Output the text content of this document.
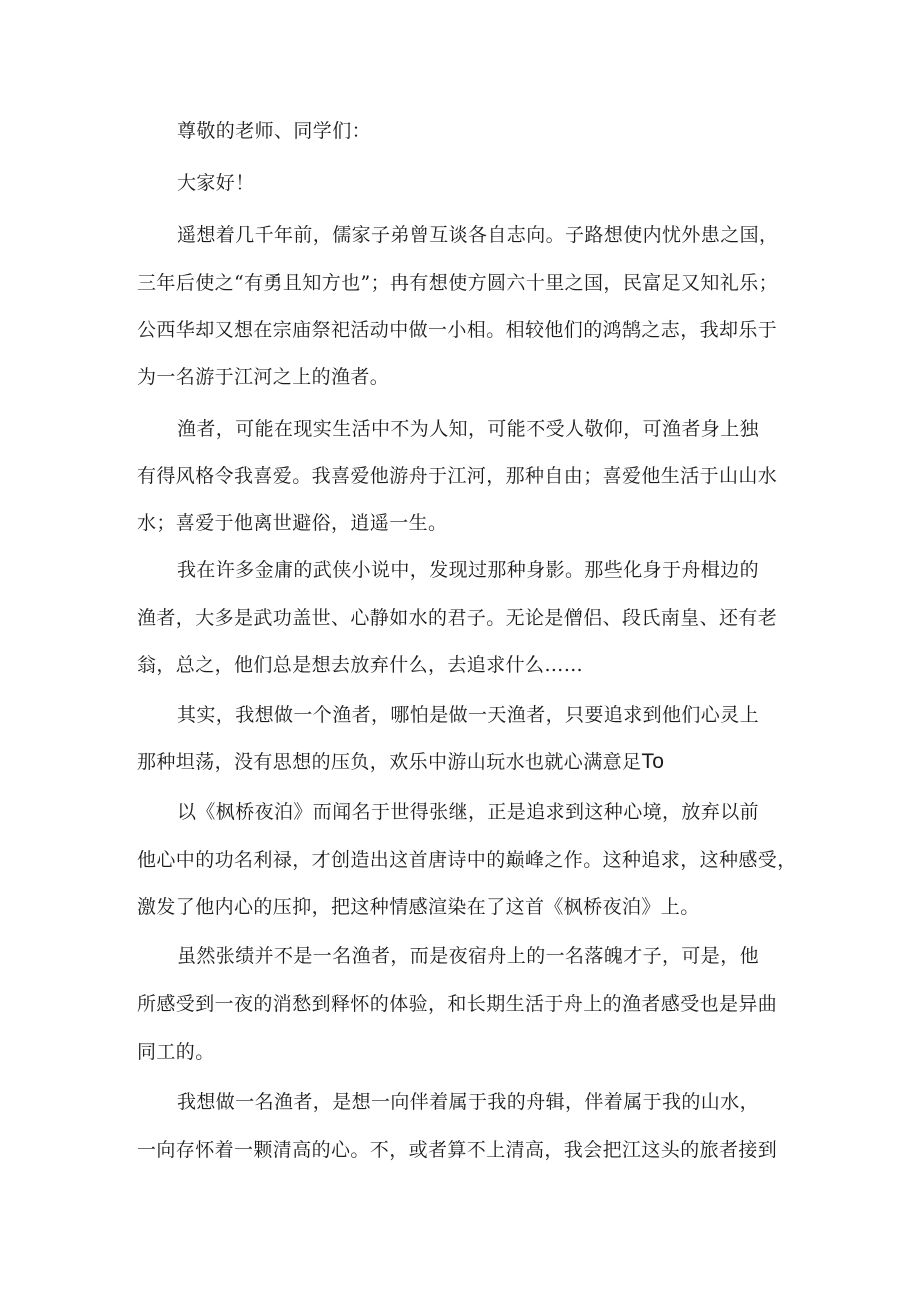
尊敬的老师、同学们：
大家好！
遥想着几千年前，儒家子弟曾互谈各自志向。子路想使内忧外患之国，
三年后使之“有勇且知方也”；冉有想使方圆六十里之国，民富足又知礼乐；
公西华却又想在宗庙祭祀活动中做一小相。相较他们的鸿鹄之志，我却乐于
为一名游于江河之上的渔者。
渔者，可能在现实生活中不为人知，可能不受人敬仰，可渔者身上独
有得风格令我喜爱。我喜爱他游舟于江河，那种自由；喜爱他生活于山山水
水；喜爱于他离世避俗，逍遥一生。
我在许多金庸的武侠小说中，发现过那种身影。那些化身于舟楫边的
渔者，大多是武功盖世、心静如水的君子。无论是僧侣、段氏南皇、还有老
翁，总之，他们总是想去放弃什么，去追求什么……
其实，我想做一个渔者，哪怕是做一天渔者，只要追求到他们心灵上
那种坦荡，没有思想的压负，欢乐中游山玩水也就心满意足To
以《枫桥夜泊》而闻名于世得张继，正是追求到这种心境，放弃以前
他心中的功名利禄，才创造出这首唐诗中的巅峰之作。这种追求，这种感受，
激发了他内心的压抑，把这种情感渲染在了这首《枫桥夜泊》上。
虽然张绩并不是一名渔者，而是夜宿舟上的一名落魄才子，可是，他
所感受到一夜的消愁到释怀的体验，和长期生活于舟上的渔者感受也是异曲
同工的。
我想做一名渔者，是想一向伴着属于我的舟辑，伴着属于我的山水，
一向存怀着一颗清高的心。不，或者算不上清高，我会把江这头的旅者接到
